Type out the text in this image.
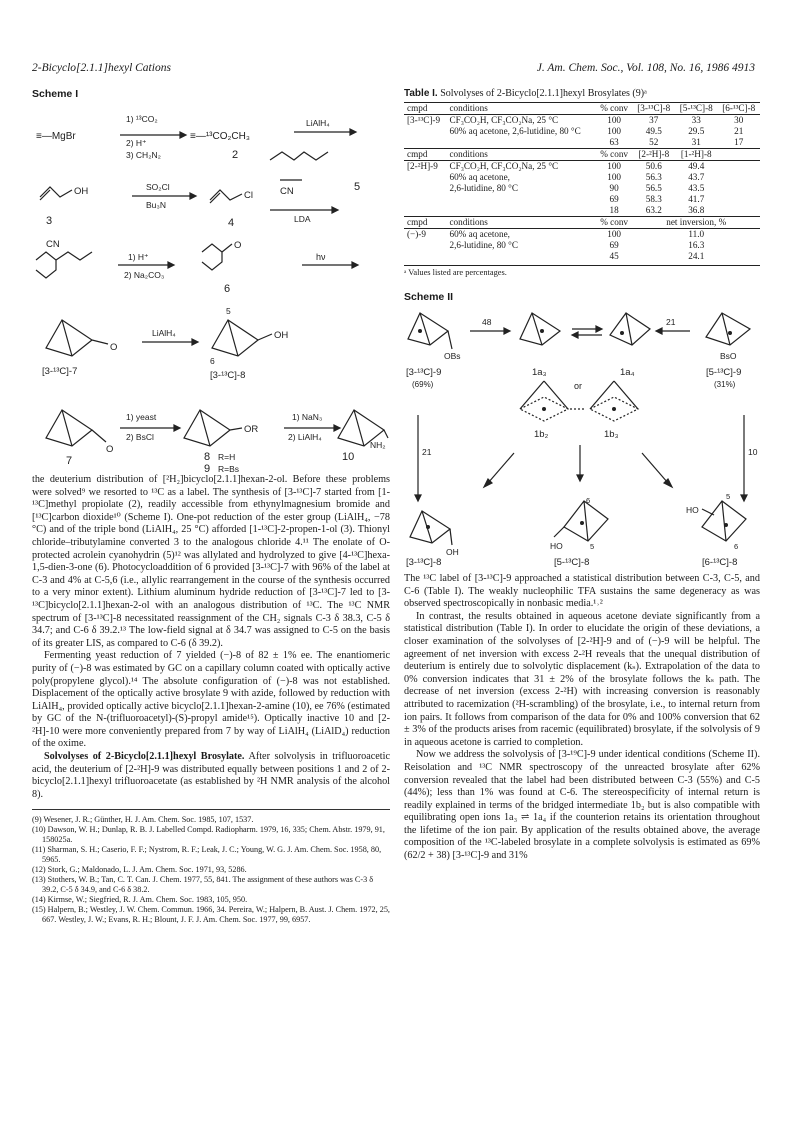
2-Bicyclo[2.1.1]hexyl Cations	J. Am. Chem. Soc., Vol. 108, No. 16, 1986 4913
Scheme I
≡—MgBr
1) ¹³CO₂
2) H⁺
3) CH₂N₂
≡—¹³CO₂CH₃
2
LiAlH₄
OH
3
SO₂Cl
Bu₃N
Cl
4
CN	5
LDA
CN
1) H⁺
2) Na₂CO₃
O
6
hν
O
[3-¹³C]-7
LiAlH₄
5
6
OH
[3-¹³C]-8
O
7
1) yeast
2) BsCl
OR
8 R=H
9 R=Bs
1) NaN₃
2) LiAlH₄
10
NH₂

the deuterium distribution of [²H₂]bicyclo[2.1.1]hexan-2-ol. Before these problems were solved⁹ we resorted to ¹³C as a label. The synthesis of [3-¹³C]-7 started from [1-¹³C]methyl propiolate (2), readily accessible from ethynylmagnesium bromide and [¹³C]carbon dioxide¹⁰ (Scheme I). One-pot reduction of the ester group (LiAlH₄, −78 °C) and of the triple bond (LiAlH₄, 25 °C) afforded [1-¹³C]-2-propen-1-ol (3). Thionyl chloride–tributylamine converted 3 to the analogous chloride 4.¹¹ The enolate of O-protected acrolein cyanohydrin (5)¹² was allylated and hydrolyzed to give [4-¹³C]hexa-1,5-dien-3-one (6). Photocycloaddition of 6 provided [3-¹³C]-7 with 96% of the label at C-3 and 4% at C-5,6 (i.e., allylic rearrangement in the course of the synthesis occurred to a very minor extent). Lithium aluminum hydride reduction of [3-¹³C]-7 led to [3-¹³C]bicyclo[2.1.1]hexan-2-ol with an analogous distribution of ¹³C. The ¹³C NMR spectrum of [3-¹³C]-8 necessitated reassignment of the CH₂ signals C-3 δ 38.3, C-5 δ 34.7; and C-6 δ 39.2.¹³ The low-field signal at δ 34.7 was assigned to C-5 on the basis of its greater LIS, as compared to C-6 (δ 39.2).

Fermenting yeast reduction of 7 yielded (−)-8 of 82 ± 1% ee. The enantiomeric purity of (−)-8 was estimated by GC on a capillary column coated with optically active poly(propylene glycol).¹⁴ The absolute configuration of (−)-8 was not established. Displacement of the optically active brosylate 9 with azide, followed by reduction with LiAlH₄, provided optically active bicyclo[2.1.1]hexan-2-amine (10), ee 76% (estimated by GC of the N-(trifluoroacetyl)-(S)-propyl amide¹⁵). Optically inactive 10 and [2-²H]-10 were more conveniently prepared from 7 by way of LiAlH₄ (LiAlD₄) reduction of the oxime.

Solvolyses of 2-Bicyclo[2.1.1]hexyl Brosylate. After solvolysis in trifluoroacetic acid, the deuterium of [2-²H]-9 was distributed equally between positions 1 and 2 of 2-bicyclo[2.1.1]hexyl trifluoroacetate (as established by ²H NMR analysis of the alcohol 8).

(9) Wesener, J. R.; Günther, H. J. Am. Chem. Soc. 1985, 107, 1537.
(10) Dawson, W. H.; Dunlap, R. B. J. Labelled Compd. Radiopharm. 1979, 16, 335; Chem. Abstr. 1979, 91, 158025a.
(11) Sharman, S. H.; Caserio, F. F.; Nystrom, R. F.; Leak, J. C.; Young, W. G. J. Am. Chem. Soc. 1958, 80, 5965.
(12) Stork, G.; Maldonado, L. J. Am. Chem. Soc. 1971, 93, 5286.
(13) Stothers, W. B.; Tan, C. T. Can. J. Chem. 1977, 55, 841. The assignment of these authors was C-3 δ 39.2, C-5 δ 34.9, and C-6 δ 38.2.
(14) Kirmse, W.; Siegfried, R. J. Am. Chem. Soc. 1983, 105, 950.
(15) Halpern, B.; Westley, J. W. Chem. Commun. 1966, 34. Pereira, W.; Halpern, B. Aust. J. Chem. 1972, 25, 667. Westley, J. W.; Evans, R. H.; Blount, J. F. J. Am. Chem. Soc. 1977, 99, 6957.
Table I. Solvolyses of 2-Bicyclo[2.1.1]hexyl Brosylates (9)ᵃ
cmpd	conditions	% conv	[3-¹³C]-8	[5-¹³C]-8	[6-¹³C]-8
[3-¹³C]-9	CF₃CO₂H, CF₃CO₂Na, 25 °C	100	37	33	30
	60% aq acetone, 2,6-lutidine, 80 °C	100	49.5	29.5	21
		63	52	31	17
cmpd	conditions	% conv	[2-²H]-8	[1-²H]-8	
[2-²H]-9	CF₃CO₂H, CF₃CO₂Na, 25 °C	100	50.6	49.4	
	60% aq acetone,	100	56.3	43.7	
	2,6-lutidine, 80 °C	90	56.5	43.5	
		69	58.3	41.7	
		18	63.2	36.8	
cmpd	conditions	% conv	net inversion, %		
(−)-9	60% aq acetone,	100	11.0		
	2,6-lutidine, 80 °C	69	16.3		
		45	24.1		
ᵃ Values listed are percentages.
Scheme II
48	21
OBs	BsO
[3-¹³C]-9
(69%)
1a₃	1a₄	[5-¹³C]-9
(31%)
or
1b₂	1b₃
21	10
6	5
OH
HO	5
HO
6
[3-¹³C]-8	[5-¹³C]-8	[6-¹³C]-8

The ¹³C label of [3-¹³C]-9 approached a statistical distribution between C-3, C-5, and C-6 (Table I). The weakly nucleophilic TFA sustains the same degeneracy as was observed spectroscopically in nonbasic media.¹˒²

In contrast, the results obtained in aqueous acetone deviate significantly from a statistical distribution (Table I). In order to elucidate the origin of these deviations, a closer examination of the solvolyses of [2-²H]-9 and of (−)-9 will be helpful. The agreement of net inversion with excess 2-²H reveals that the unequal distribution of deuterium is entirely due to solvolytic displacement (kₛ). Extrapolation of the data to 0% conversion indicates that 31 ± 2% of the brosylate follows the kₛ path. The decrease of net inversion (excess 2-²H) with increasing conversion is reasonably attributed to racemization (²H-scrambling) of the brosylate, i.e., to internal return from ion pairs. It follows from comparison of the data for 0% and 100% conversion that 62 ± 3% of the products arises from racemic (equilibrated) brosylate, if the solvolysis of 9 in aqueous acetone is carried to completion.

Now we address the solvolysis of [3-¹⁹C]-9 under identical conditions (Scheme II). Reisolation and ¹³C NMR spectroscopy of the unreacted brosylate after 62% conversion revealed that the label had been distributed between C-3 (55%) and C-5 (44%); less than 1% was found at C-6. The stereospecificity of internal return is readily explained in terms of the bridged intermediate 1b₂ but is also compatible with equilibrating open ions 1a₃ ⇌ 1a₄ if the counterion retains its orientation throughout the lifetime of the ion pair. By application of the results obtained above, the average composition of the ¹³C-labeled brosylate in a complete solvolysis is estimated as 69% (62/2 + 38) [3-¹³C]-9 and 31%
